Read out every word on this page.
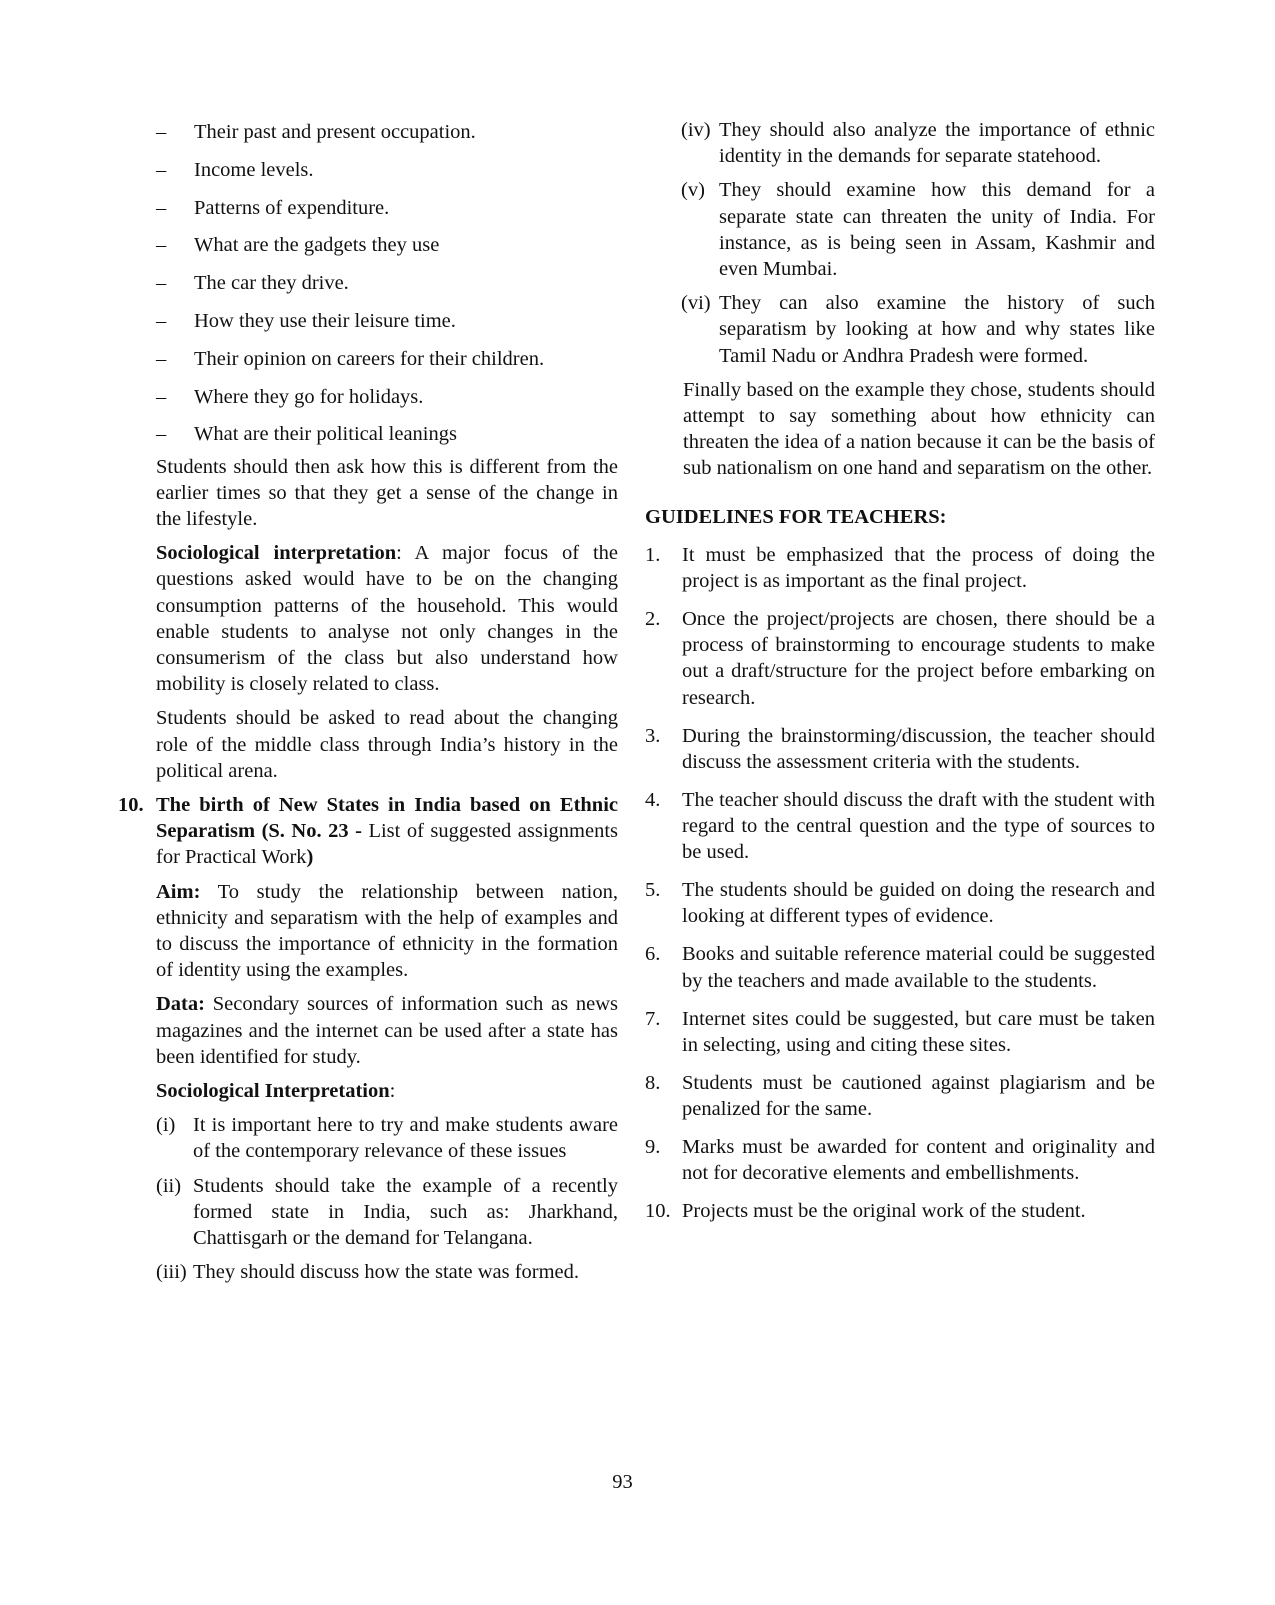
– Their past and present occupation.
– Income levels.
– Patterns of expenditure.
– What are the gadgets they use
– The car they drive.
– How they use their leisure time.
– Their opinion on careers for their children.
– Where they go for holidays.
– What are their political leanings

Students should then ask how this is different from the earlier times so that they get a sense of the change in the lifestyle.

Sociological interpretation: A major focus of the questions asked would have to be on the changing consumption patterns of the household. This would enable students to analyse not only changes in the consumerism of the class but also understand how mobility is closely related to class.

Students should be asked to read about the changing role of the middle class through India’s history in the political arena.

10. The birth of New States in India based on Ethnic Separatism (S. No. 23 - List of suggested assignments for Practical Work)

Aim: To study the relationship between nation, ethnicity and separatism with the help of examples and to discuss the importance of ethnicity in the formation of identity using the examples.

Data: Secondary sources of information such as news magazines and the internet can be used after a state has been identified for study.

Sociological Interpretation:

(i) It is important here to try and make students aware of the contemporary relevance of these issues
(ii) Students should take the example of a recently formed state in India, such as: Jharkhand, Chattisgarh or the demand for Telangana.
(iii) They should discuss how the state was formed.
(iv) They should also analyze the importance of ethnic identity in the demands for separate statehood.
(v) They should examine how this demand for a separate state can threaten the unity of India. For instance, as is being seen in Assam, Kashmir and even Mumbai.
(vi) They can also examine the history of such separatism by looking at how and why states like Tamil Nadu or Andhra Pradesh were formed.

Finally based on the example they chose, students should attempt to say something about how ethnicity can threaten the idea of a nation because it can be the basis of sub nationalism on one hand and separatism on the other.

GUIDELINES FOR TEACHERS:
1. It must be emphasized that the process of doing the project is as important as the final project.
2. Once the project/projects are chosen, there should be a process of brainstorming to encourage students to make out a draft/structure for the project before embarking on research.
3. During the brainstorming/discussion, the teacher should discuss the assessment criteria with the students.
4. The teacher should discuss the draft with the student with regard to the central question and the type of sources to be used.
5. The students should be guided on doing the research and looking at different types of evidence.
6. Books and suitable reference material could be suggested by the teachers and made available to the students.
7. Internet sites could be suggested, but care must be taken in selecting, using and citing these sites.
8. Students must be cautioned against plagiarism and be penalized for the same.
9. Marks must be awarded for content and originality and not for decorative elements and embellishments.
10. Projects must be the original work of the student.
93
